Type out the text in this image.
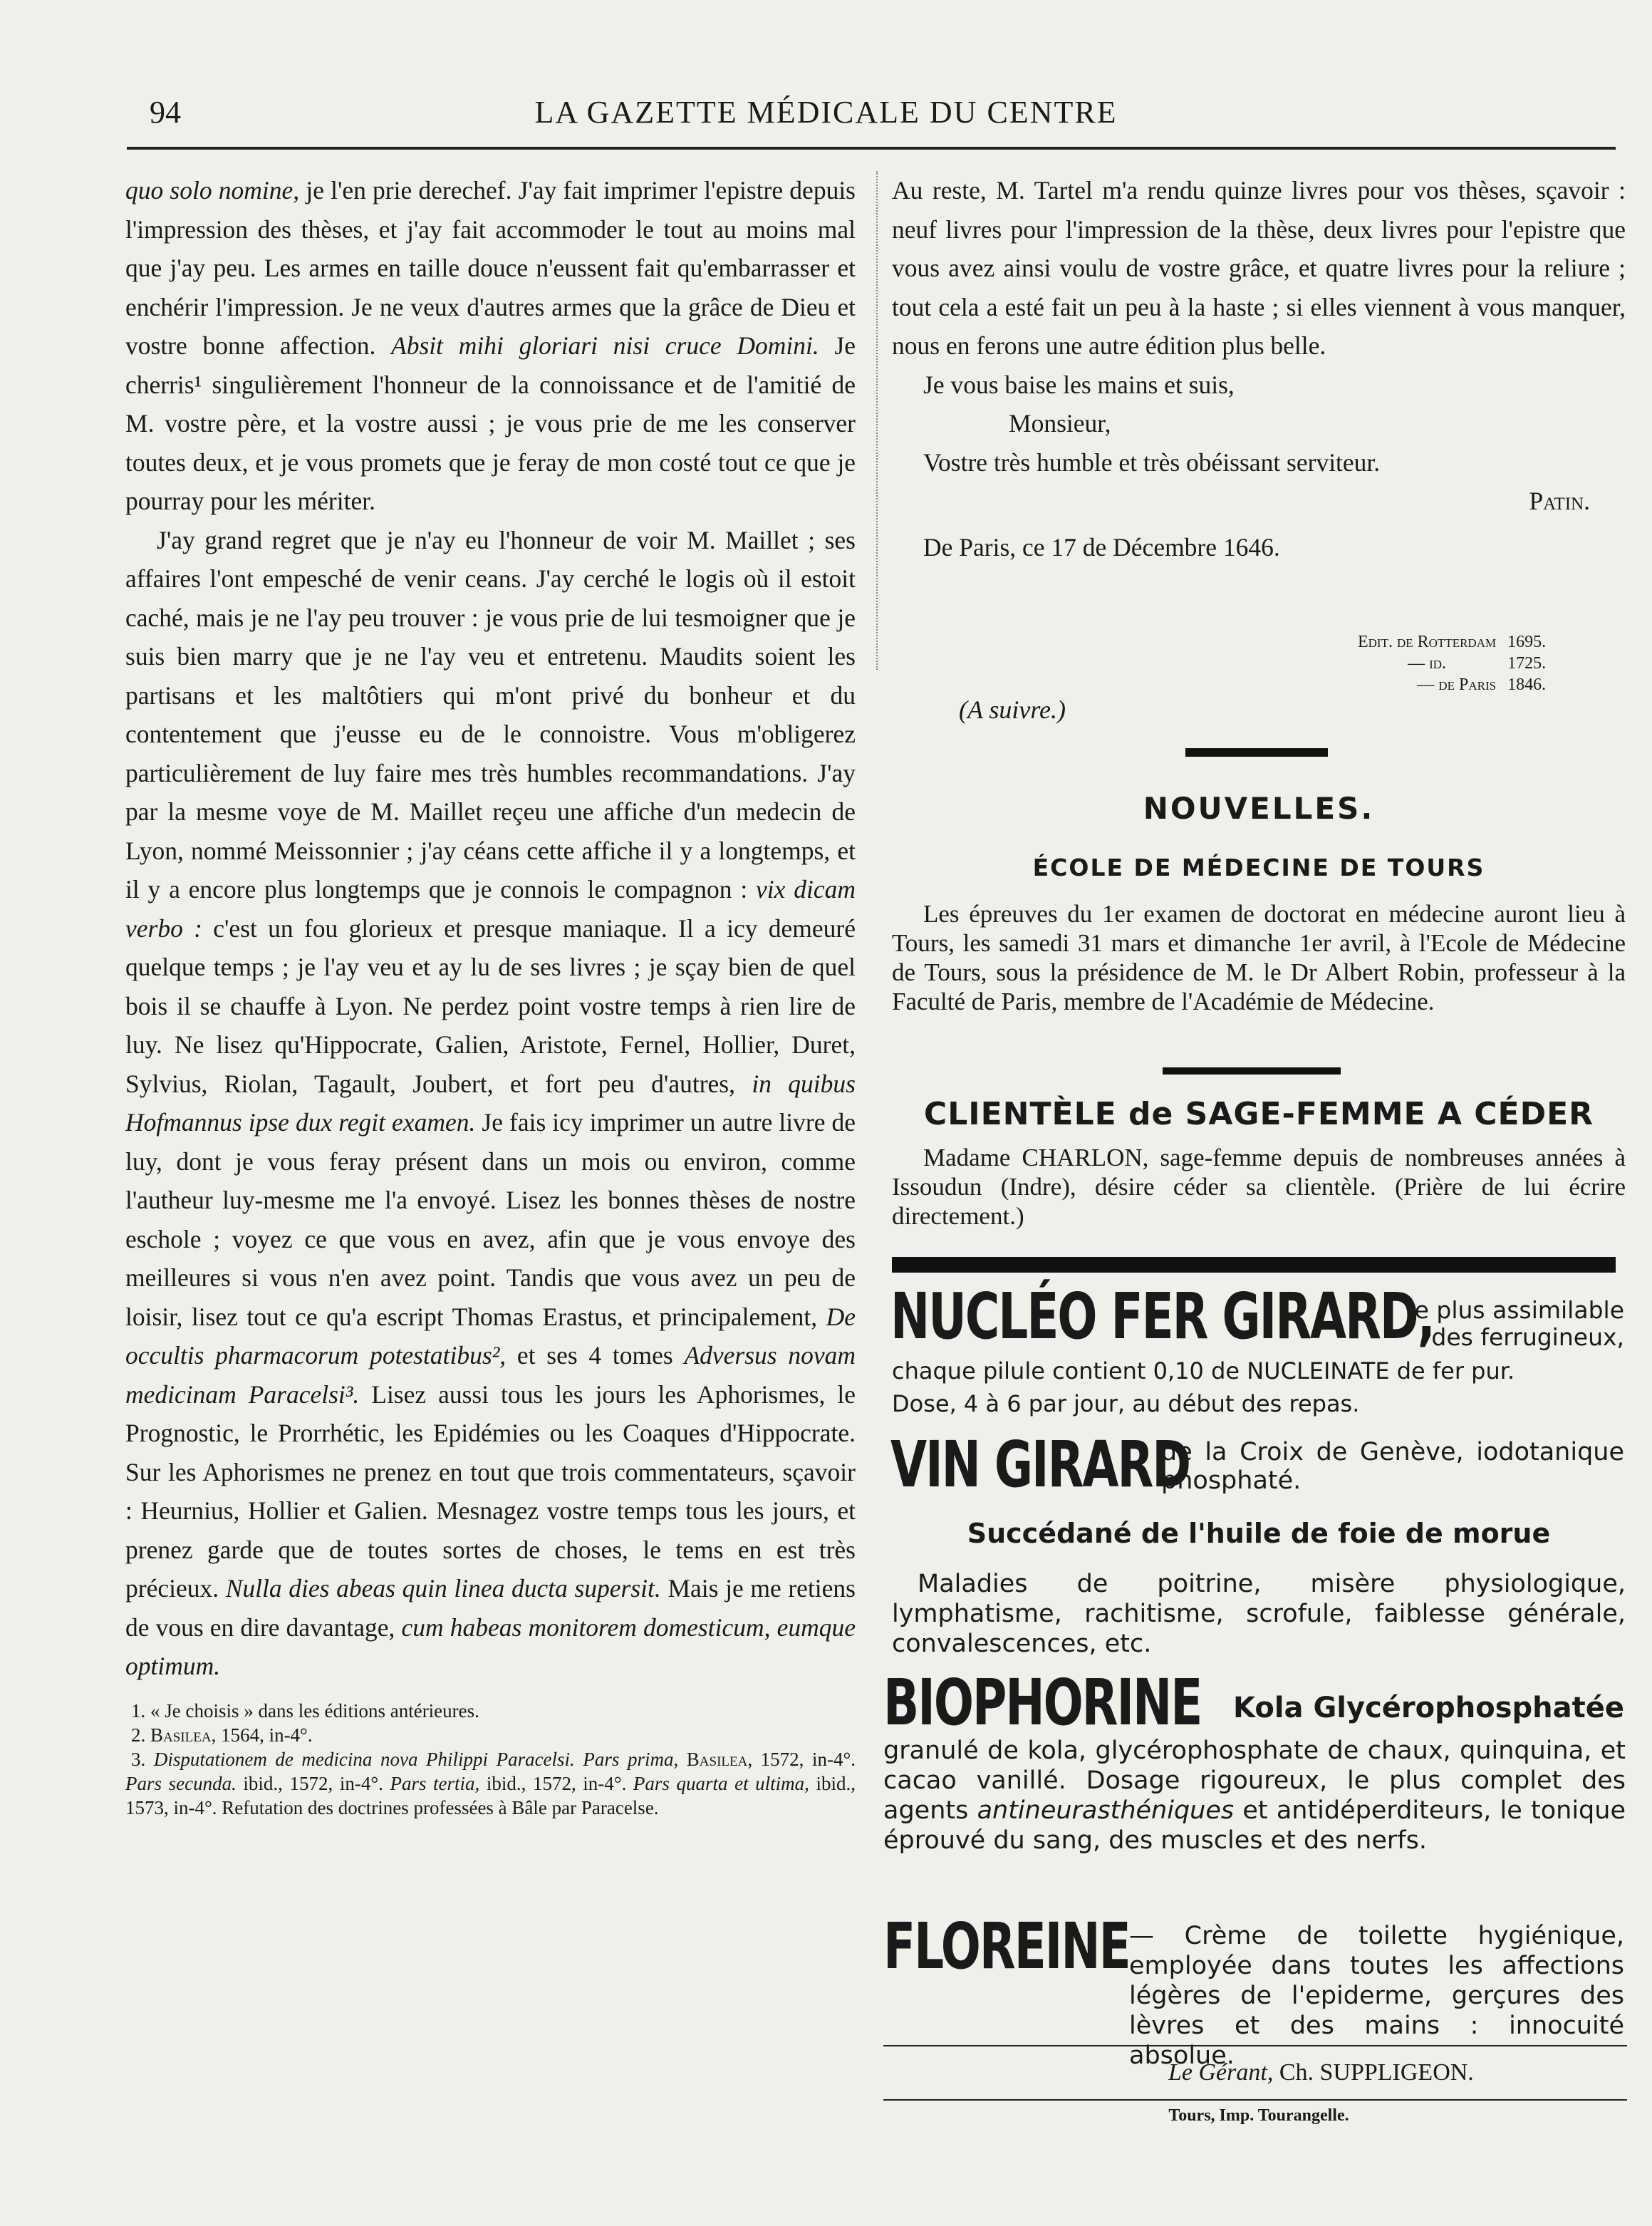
94	LA GAZETTE MÉDICALE DU CENTRE

quo solo nomine, je l'en prie derechef. J'ay fait imprimer l'epistre depuis l'impression des thèses, et j'ay fait accommoder le tout au moins mal que j'ay peu. Les armes en taille douce n'eussent fait qu'embarrasser et enchérir l'impression. Je ne veux d'autres armes que la grâce de Dieu et vostre bonne affection. Absit mihi gloriari nisi cruce Domini. Je cherris¹ singulièrement l'honneur de la connoissance et de l'amitié de M. vostre père, et la vostre aussi ; je vous prie de me les conserver toutes deux, et je vous promets que je feray de mon costé tout ce que je pourray pour les mériter.

J'ay grand regret que je n'ay eu l'honneur de voir M. Maillet ; ses affaires l'ont empesché de venir ceans. J'ay cerché le logis où il estoit caché, mais je ne l'ay peu trouver : je vous prie de lui tesmoigner que je suis bien marry que je ne l'ay veu et entretenu. Maudits soient les partisans et les maltôtiers qui m'ont privé du bonheur et du contentement que j'eusse eu de le connoistre. Vous m'obligerez particulièrement de luy faire mes très humbles recommandations. J'ay par la mesme voye de M. Maillet reçeu une affiche d'un medecin de Lyon, nommé Meissonnier ; j'ay céans cette affiche il y a longtemps, et il y a encore plus longtemps que je connois le compagnon : vix dicam verbo : c'est un fou glorieux et presque maniaque. Il a icy demeuré quelque temps ; je l'ay veu et ay lu de ses livres ; je sçay bien de quel bois il se chauffe à Lyon. Ne perdez point vostre temps à rien lire de luy. Ne lisez qu'Hippocrate, Galien, Aristote, Fernel, Hollier, Duret, Sylvius, Riolan, Tagault, Joubert, et fort peu d'autres, in quibus Hofmannus ipse dux regit examen. Je fais icy imprimer un autre livre de luy, dont je vous feray présent dans un mois ou environ, comme l'autheur luy-mesme me l'a envoyé. Lisez les bonnes thèses de nostre eschole ; voyez ce que vous en avez, afin que je vous envoye des meilleures si vous n'en avez point. Tandis que vous avez un peu de loisir, lisez tout ce qu'a escript Thomas Erastus, et principalement, De occultis pharmacorum potestatibus², et ses 4 tomes Adversus novam medicinam Paracelsi³. Lisez aussi tous les jours les Aphorismes, le Prognostic, le Prorrhétic, les Epidémies ou les Coaques d'Hippocrate. Sur les Aphorismes ne prenez en tout que trois commentateurs, sçavoir : Heurnius, Hollier et Galien. Mesnagez vostre temps tous les jours, et prenez garde que de toutes sortes de choses, le tems en est très précieux. Nulla dies abeas quin linea ducta supersit. Mais je me retiens de vous en dire davantage, cum habeas monitorem domesticum, eumque optimum.

1. « Je choisis » dans les éditions antérieures.

2. Basilea, 1564, in-4°.

3. Disputationem de medicina nova Philippi Paracelsi. Pars prima, Basilea, 1572, in-4°. Pars secunda. ibid., 1572, in-4°. Pars tertia, ibid., 1572, in-4°. Pars quarta et ultima, ibid., 1573, in-4°. Refutation des doctrines professées à Bâle par Paracelse.

Au reste, M. Tartel m'a rendu quinze livres pour vos thèses, sçavoir : neuf livres pour l'impression de la thèse, deux livres pour l'epistre que vous avez ainsi voulu de vostre grâce, et quatre livres pour la reliure ; tout cela a esté fait un peu à la haste ; si elles viennent à vous manquer, nous en ferons une autre édition plus belle.

Je vous baise les mains et suis,

Monsieur,

Vostre très humble et très obéissant serviteur.

Patin.

De Paris, ce 17 de Décembre 1646.

Edit. de Rotterdam	1695.
— id.	1725.
— de Paris	1846.
(A suivre.)
NOUVELLES.
ÉCOLE DE MÉDECINE DE TOURS
Les épreuves du 1er examen de doctorat en médecine auront lieu à Tours, les samedi 31 mars et dimanche 1er avril, à l'Ecole de Médecine de Tours, sous la présidence de M. le Dr Albert Robin, professeur à la Faculté de Paris, membre de l'Académie de Médecine.
CLIENTÈLE de SAGE-FEMME A CÉDER
Madame CHARLON, sage-femme depuis de nombreuses années à Issoudun (Indre), désire céder sa clientèle. (Prière de lui écrire directement.)
NUCLÉO FER GIRARD,
le plus assimilable des ferrugineux,
chaque pilule contient 0,10 de NUCLEINATE de fer pur.
Dose, 4 à 6 par jour, au début des repas.
VIN GIRARD
de la Croix de Genève, iodotanique phosphaté.
Succédané de l'huile de foie de morue
Maladies de poitrine, misère physiologique, lymphatisme, rachitisme, scrofule, faiblesse générale, convalescences, etc.
BIOPHORINE Kola Glycérophosphatée
granulé de kola, glycérophosphate de chaux, quinquina, et cacao vanillé. Dosage rigoureux, le plus complet des agents antineurasthéniques et antidéperditeurs, le tonique éprouvé du sang, des muscles et des nerfs.
FLOREINE — Crème de toilette hygiénique, employée dans toutes les affections légères de l'epiderme, gerçures des lèvres et des mains : innocuité absolue.
Le Gérant, Ch. SUPPLIGEON.
Tours, Imp. Tourangelle.
